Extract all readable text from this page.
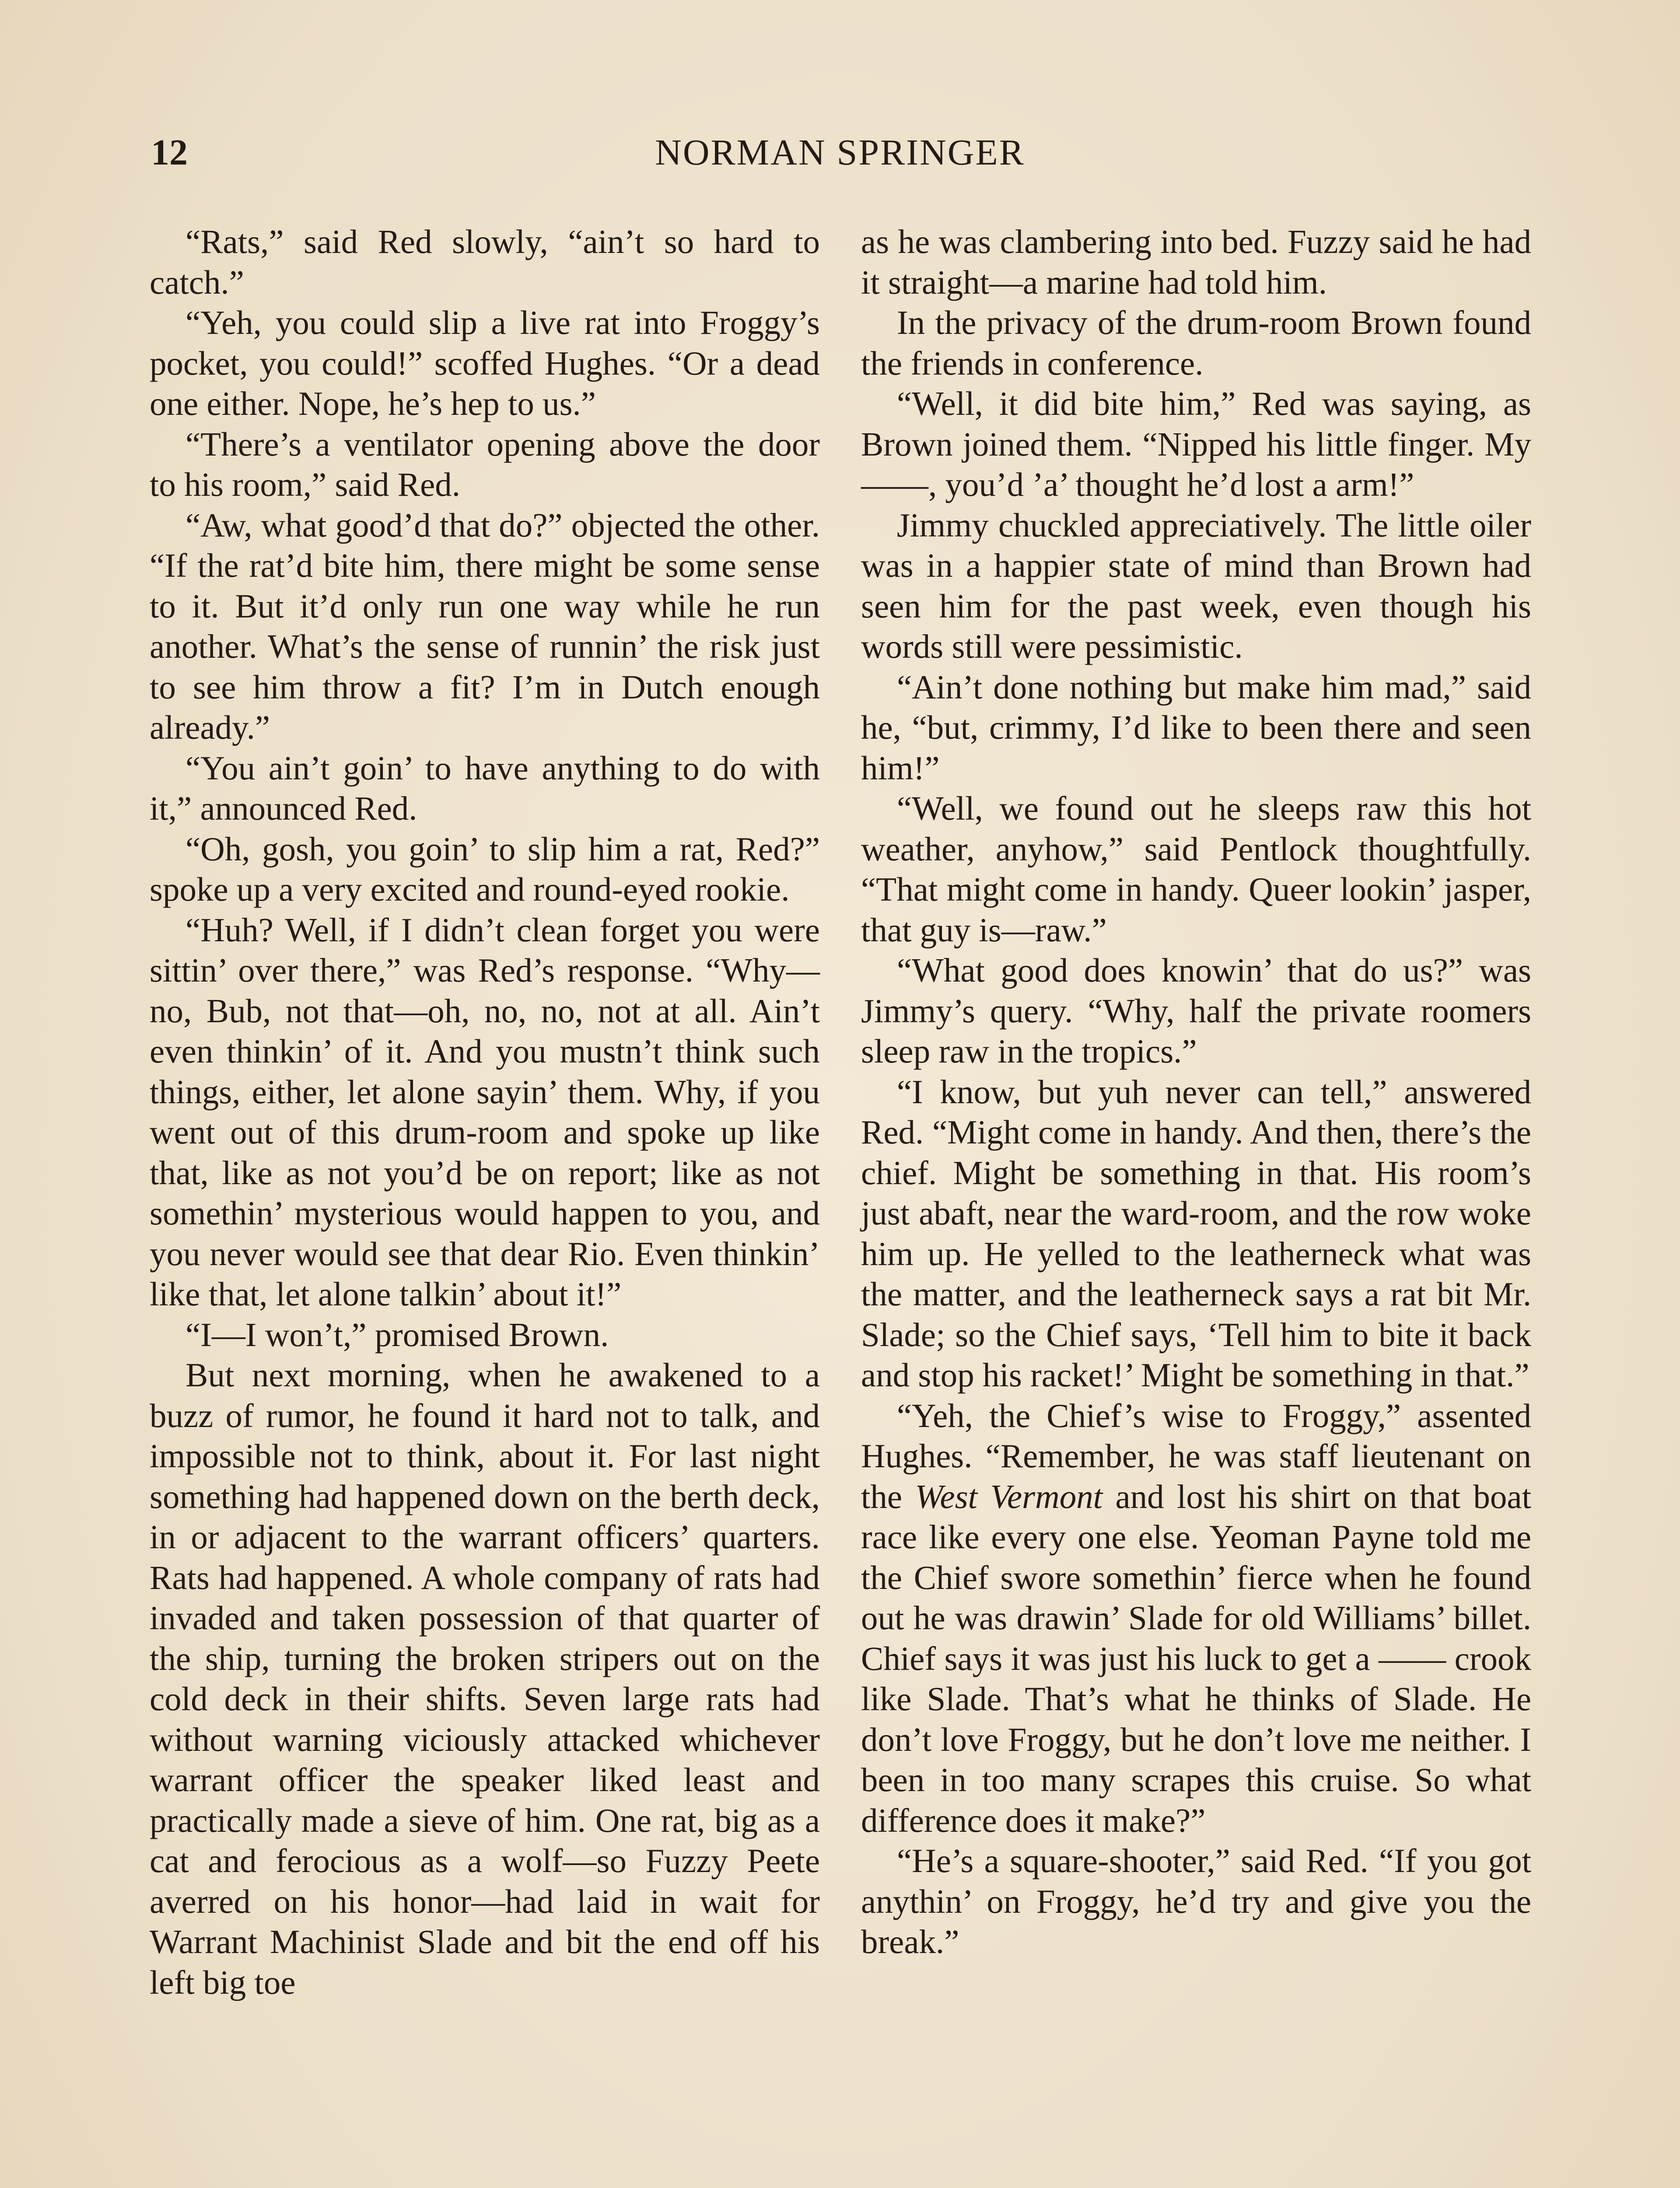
12	NORMAN SPRINGER

“Rats,” said Red slowly, “ain’t so hard to catch.”

“Yeh, you could slip a live rat into Froggy’s pocket, you could!” scoffed Hughes. “Or a dead one either. Nope, he’s hep to us.”

“There’s a ventilator opening above the door to his room,” said Red.

“Aw, what good’d that do?” objected the other. “If the rat’d bite him, there might be some sense to it. But it’d only run one way while he run another. What’s the sense of runnin’ the risk just to see him throw a fit? I’m in Dutch enough already.”

“You ain’t goin’ to have anything to do with it,” announced Red.

“Oh, gosh, you goin’ to slip him a rat, Red?” spoke up a very excited and round-eyed rookie.

“Huh? Well, if I didn’t clean forget you were sittin’ over there,” was Red’s response. “Why—no, Bub, not that—oh, no, no, not at all. Ain’t even thinkin’ of it. And you mustn’t think such things, either, let alone sayin’ them. Why, if you went out of this drum-room and spoke up like that, like as not you’d be on report; like as not somethin’ mysterious would happen to you, and you never would see that dear Rio. Even thinkin’ like that, let alone talkin’ about it!”

“I—I won’t,” promised Brown.

But next morning, when he awakened to a buzz of rumor, he found it hard not to talk, and impossible not to think, about it. For last night something had happened down on the berth deck, in or adjacent to the warrant officers’ quarters. Rats had happened. A whole company of rats had invaded and taken possession of that quarter of the ship, turning the broken stripers out on the cold deck in their shifts. Seven large rats had without warning viciously attacked whichever warrant officer the speaker liked least and practically made a sieve of him. One rat, big as a cat and ferocious as a wolf—so Fuzzy Peete averred on his honor—had laid in wait for Warrant Machinist Slade and bit the end off his left big toe

as he was clambering into bed. Fuzzy said he had it straight—a marine had told him.

In the privacy of the drum-room Brown found the friends in conference.

“Well, it did bite him,” Red was saying, as Brown joined them. “Nipped his little finger. My ——, you’d ’a’ thought he’d lost a arm!”

Jimmy chuckled appreciatively. The little oiler was in a happier state of mind than Brown had seen him for the past week, even though his words still were pessimistic.

“Ain’t done nothing but make him mad,” said he, “but, crimmy, I’d like to been there and seen him!”

“Well, we found out he sleeps raw this hot weather, anyhow,” said Pentlock thoughtfully. “That might come in handy. Queer lookin’ jasper, that guy is—raw.”

“What good does knowin’ that do us?” was Jimmy’s query. “Why, half the private roomers sleep raw in the tropics.”

“I know, but yuh never can tell,” answered Red. “Might come in handy. And then, there’s the chief. Might be something in that. His room’s just abaft, near the ward-room, and the row woke him up. He yelled to the leatherneck what was the matter, and the leatherneck says a rat bit Mr. Slade; so the Chief says, ‘Tell him to bite it back and stop his racket!’ Might be something in that.”

“Yeh, the Chief’s wise to Froggy,” assented Hughes. “Remember, he was staff lieutenant on the West Vermont and lost his shirt on that boat race like every one else. Yeoman Payne told me the Chief swore somethin’ fierce when he found out he was drawin’ Slade for old Williams’ billet. Chief says it was just his luck to get a —— crook like Slade. That’s what he thinks of Slade. He don’t love Froggy, but he don’t love me neither. I been in too many scrapes this cruise. So what difference does it make?”

“He’s a square-shooter,” said Red. “If you got anythin’ on Froggy, he’d try and give you the break.”
